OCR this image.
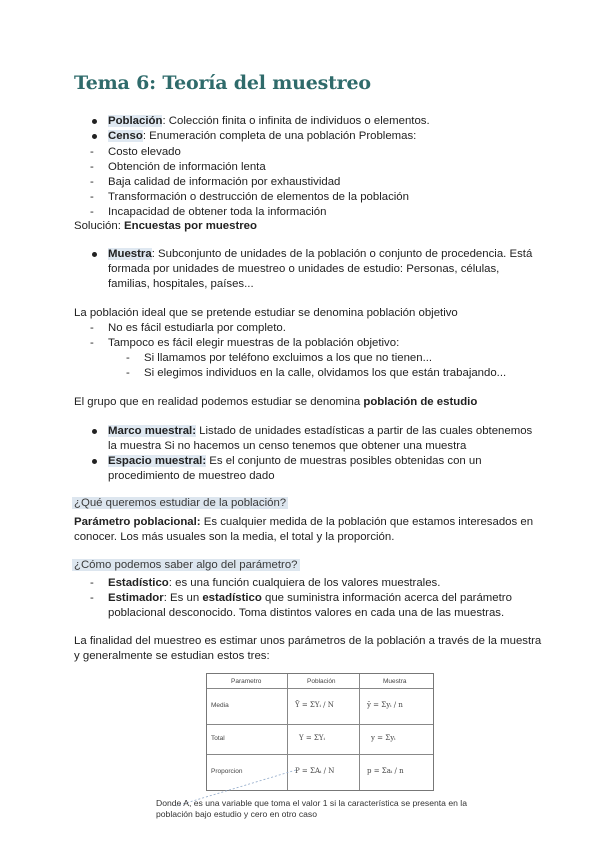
Tema 6: Teoría del muestreo
Población: Colección finita o infinita de individuos o elementos.
Censo: Enumeración completa de una población Problemas:
- Costo elevado
- Obtención de información lenta
- Baja calidad de información por exhaustividad
- Transformación o destrucción de elementos de la población
- Incapacidad de obtener toda la información
Solución: Encuestas por muestreo
Muestra: Subconjunto de unidades de la población o conjunto de procedencia. Está
formada por unidades de muestreo o unidades de estudio: Personas, células,
familias, hospitales, países...
La población ideal que se pretende estudiar se denomina población objetivo
- No es fácil estudiarla por completo.
- Tampoco es fácil elegir muestras de la población objetivo:
- Si llamamos por teléfono excluimos a los que no tienen...
- Si elegimos individuos en la calle, olvidamos los que están trabajando...
El grupo que en realidad podemos estudiar se denomina población de estudio
Marco muestral: Listado de unidades estadísticas a partir de las cuales obtenemos
la muestra Si no hacemos un censo tenemos que obtener una muestra
Espacio muestral: Es el conjunto de muestras posibles obtenidas con un
procedimiento de muestreo dado
¿Qué queremos estudiar de la población?
Parámetro poblacional: Es cualquier medida de la población que estamos interesados en
conocer. Los más usuales son la media, el total y la proporción.
¿Cómo podemos saber algo del parámetro?
- Estadístico: es una función cualquiera de los valores muestrales.
- Estimador: Es un estadístico que suministra información acerca del parámetro
poblacional desconocido. Toma distintos valores en cada una de las muestras.
La finalidad del muestreo es estimar unos parámetros de la población a través de la muestra
y generalmente se estudian estos tres:
Parametro	Población	Muestra
Media	Ȳ = ΣYᵢ / N	ȳ = Σyᵢ / n
Total	Y = ΣYᵢ	y = Σyᵢ
Proporcion	P = ΣAᵢ / N	p = Σaᵢ / n
Donde A, es una variable que toma el valor 1 si la característica se presenta en la
población bajo estudio y cero en otro caso
